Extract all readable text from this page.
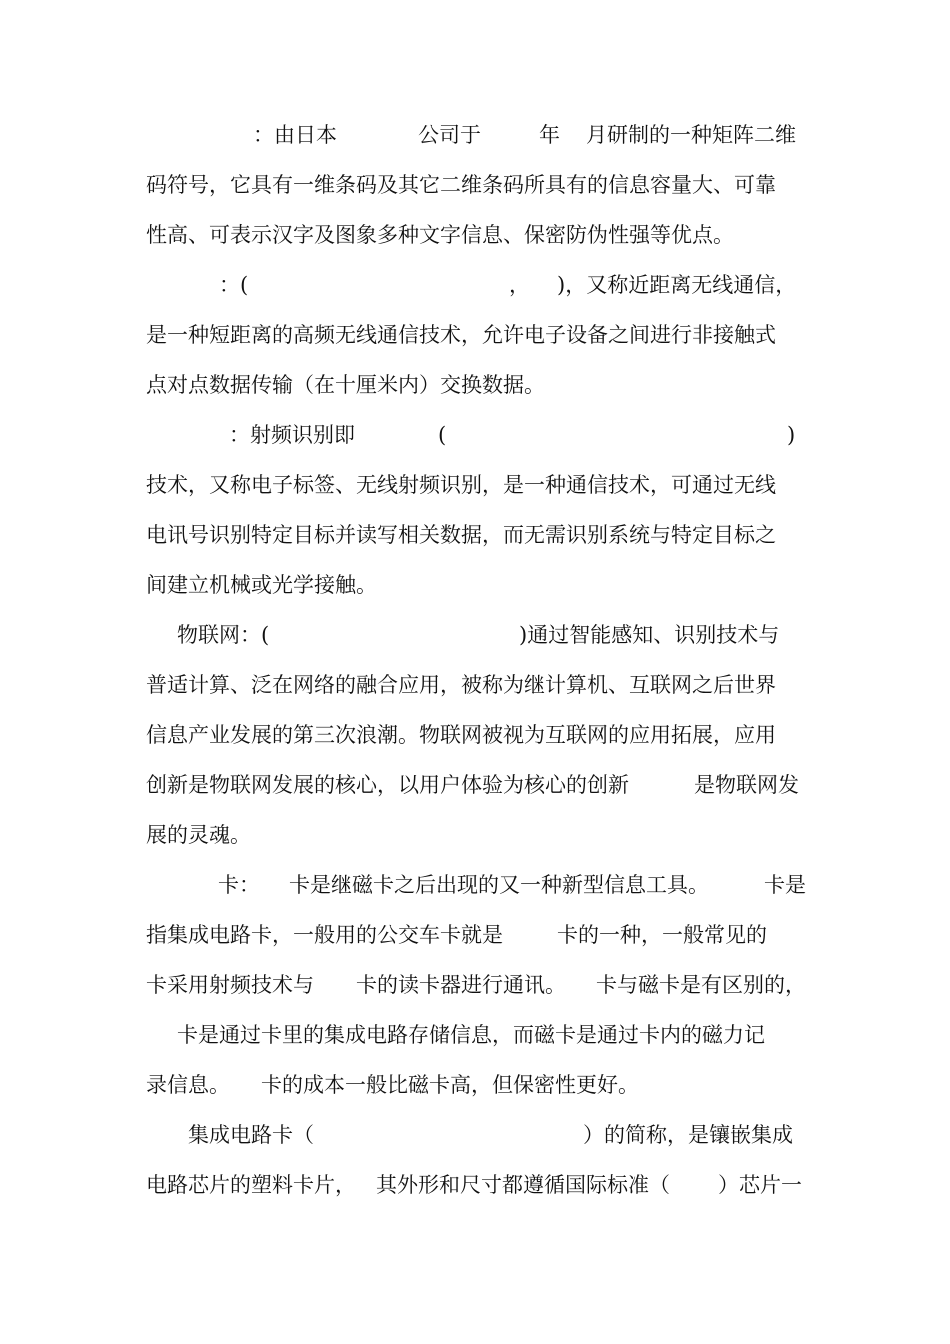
：由日本	公司于	年 月研制的一种矩阵二维
码符号，它具有一维条码及其它二维条码所具有的信息容量大、可靠
性高、可表示汉字及图象多种文字信息、保密防伪性强等优点。
：(	， )，又称近距离无线通信，
是一种短距离的高频无线通信技术，允许电子设备之间进行非接触式
点对点数据传输（在十厘米内）交换数据。
：射频识别即	(	)
技术，又称电子标签、无线射频识别，是一种通信技术，可通过无线
电讯号识别特定目标并读写相关数据，而无需识别系统与特定目标之
间建立机械或光学接触。
物联网：(	)通过智能感知、识别技术与
普适计算、泛在网络的融合应用，被称为继计算机、互联网之后世界
信息产业发展的第三次浪潮。物联网被视为互联网的应用拓展，应用
创新是物联网发展的核心，以用户体验为核心的创新	是物联网发
展的灵魂。
卡： 卡是继磁卡之后出现的又一种新型信息工具。	卡是
指集成电路卡，一般用的公交车卡就是	卡的一种，一般常见的
卡采用射频技术与 卡的读卡器进行通讯。 卡与磁卡是有区别的，
卡是通过卡里的集成电路存储信息，而磁卡是通过卡内的磁力记
录信息。 卡的成本一般比磁卡高，但保密性更好。
集成电路卡（	）的简称，是镶嵌集成
电路芯片的塑料卡片， 其外形和尺寸都遵循国际标准（ ）芯片一
